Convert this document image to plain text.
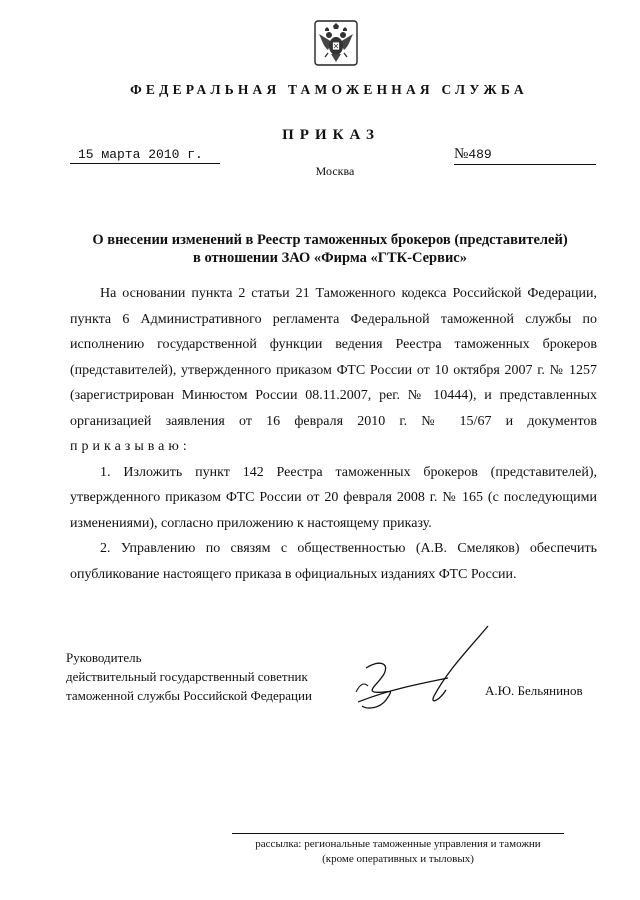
ФЕДЕРАЛЬНАЯ ТАМОЖЕННАЯ СЛУЖБА
ПРИКАЗ
15 марта 2010 г.	№489
Москва
О внесении изменений в Реестр таможенных брокеров (представителей)
в отношении ЗАО «Фирма «ГТК-Сервис»

На основании пункта 2 статьи 21 Таможенного кодекса Российской Федерации, пункта 6 Административного регламента Федеральной таможенной службы по исполнению государственной функции ведения Реестра таможенных брокеров (представителей), утвержденного приказом ФТС России от 10 октября 2007 г. № 1257 (зарегистрирован Минюстом России 08.11.2007, рег. № 10444), и представленных организацией заявления от 16 февраля 2010 г. № 15/67 и документов приказываю:

1. Изложить пункт 142 Реестра таможенных брокеров (представителей), утвержденного приказом ФТС России от 20 февраля 2008 г. № 165 (с последующими изменениями), согласно приложению к настоящему приказу.

2. Управлению по связям с общественностью (А.В. Смеляков) обеспечить опубликование настоящего приказа в официальных изданиях ФТС России.

Руководитель
действительный государственный советник
таможенной службы Российской Федерации	А.Ю. Бельянинов
рассылка: региональные таможенные управления и таможни
(кроме оперативных и тыловых)
